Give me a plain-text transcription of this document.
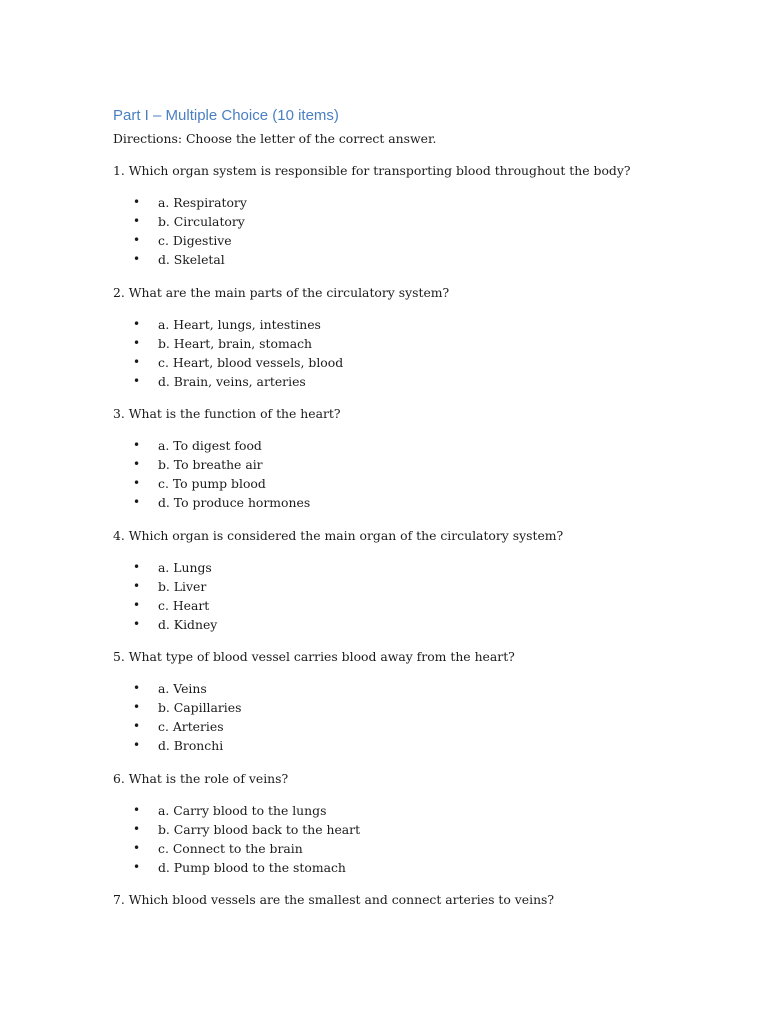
Part I – Multiple Choice (10 items)
Directions: Choose the letter of the correct answer.
1. Which organ system is responsible for transporting blood throughout the body?
• a. Respiratory
• b. Circulatory
• c. Digestive
• d. Skeletal
2. What are the main parts of the circulatory system?
• a. Heart, lungs, intestines
• b. Heart, brain, stomach
• c. Heart, blood vessels, blood
• d. Brain, veins, arteries
3. What is the function of the heart?
• a. To digest food
• b. To breathe air
• c. To pump blood
• d. To produce hormones
4. Which organ is considered the main organ of the circulatory system?
• a. Lungs
• b. Liver
• c. Heart
• d. Kidney
5. What type of blood vessel carries blood away from the heart?
• a. Veins
• b. Capillaries
• c. Arteries
• d. Bronchi
6. What is the role of veins?
• a. Carry blood to the lungs
• b. Carry blood back to the heart
• c. Connect to the brain
• d. Pump blood to the stomach
7. Which blood vessels are the smallest and connect arteries to veins?
